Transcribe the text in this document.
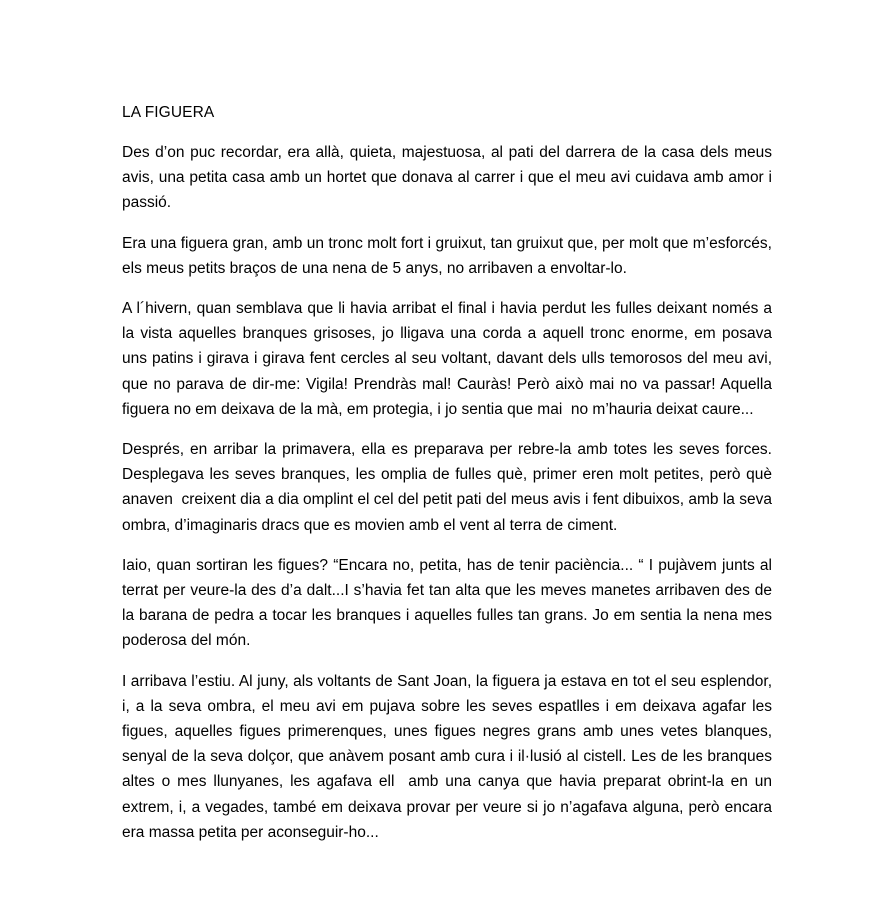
LA FIGUERA

Des d’on puc recordar, era allà, quieta, majestuosa, al pati del darrera de la casa dels meus avis, una petita casa amb un hortet que donava al carrer i que el meu avi cuidava amb amor i passió.

Era una figuera gran, amb un tronc molt fort i gruixut, tan gruixut que, per molt que m’esforcés, els meus petits braços de una nena de 5 anys, no arribaven a envoltar-lo.

A l´hivern, quan semblava que li havia arribat el final i havia perdut les fulles deixant només a la vista aquelles branques grisoses, jo lligava una corda a aquell tronc enorme, em posava uns patins i girava i girava fent cercles al seu voltant, davant dels ulls temorosos del meu avi, que no parava de dir-me: Vigila! Prendràs mal! Cauràs! Però això mai no va passar! Aquella figuera no em deixava de la mà, em protegia, i jo sentia que mai  no m’hauria deixat caure...

Després, en arribar la primavera, ella es preparava per rebre-la amb totes les seves forces. Desplegava les seves branques, les omplia de fulles què, primer eren molt petites, però què anaven  creixent dia a dia omplint el cel del petit pati del meus avis i fent dibuixos, amb la seva ombra, d’imaginaris dracs que es movien amb el vent al terra de ciment.

Iaio, quan sortiran les figues? “Encara no, petita, has de tenir paciència... “ I pujàvem junts al terrat per veure-la des d’a dalt...I s’havia fet tan alta que les meves manetes arribaven des de la barana de pedra a tocar les branques i aquelles fulles tan grans. Jo em sentia la nena mes poderosa del món.

I arribava l’estiu. Al juny, als voltants de Sant Joan, la figuera ja estava en tot el seu esplendor, i, a la seva ombra, el meu avi em pujava sobre les seves espatlles i em deixava agafar les figues, aquelles figues primerenques, unes figues negres grans amb unes vetes blanques, senyal de la seva dolçor, que anàvem posant amb cura i il·lusió al cistell. Les de les branques altes o mes llunyanes, les agafava ell  amb una canya que havia preparat obrint-la en un extrem, i, a vegades, també em deixava provar per veure si jo n’agafava alguna, però encara era massa petita per aconseguir-ho...
